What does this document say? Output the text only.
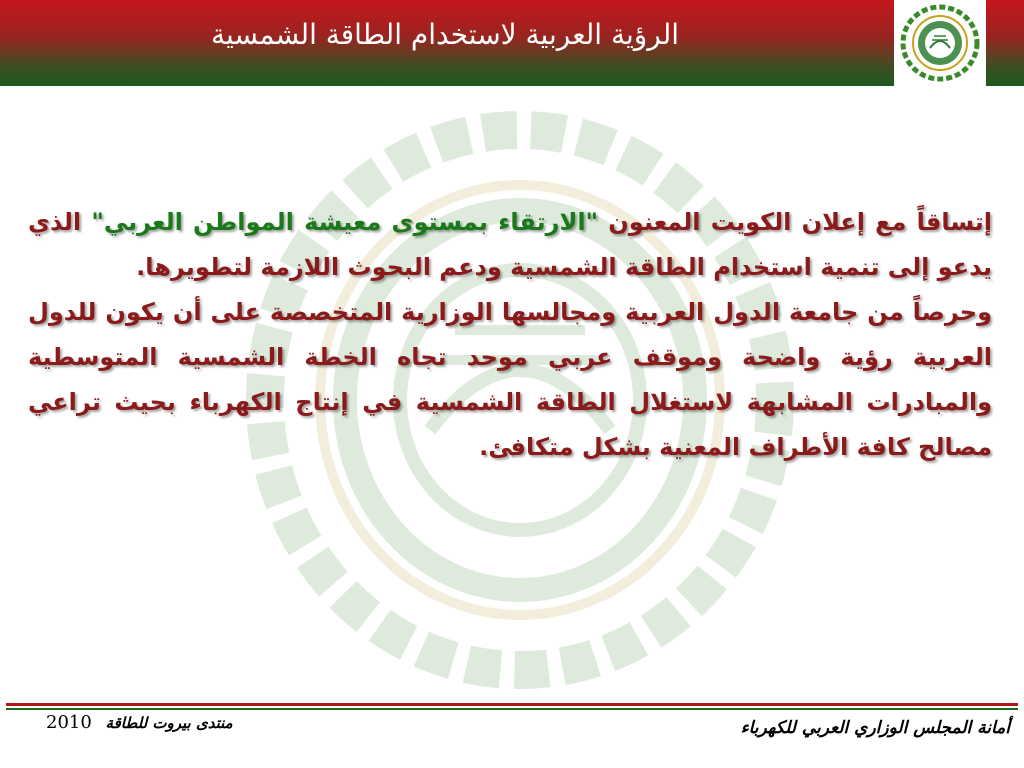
الرؤية العربية لاستخدام الطاقة الشمسية

إتساقاً مع إعلان الكويت المعنون "الارتقاء بمستوى معيشة المواطن العربي" الذي يدعو إلى تنمية استخدام الطاقة الشمسية ودعم البحوث اللازمة لتطويرها.

وحرصاً من جامعة الدول العربية ومجالسها الوزارية المتخصصة على أن يكون للدول العربية رؤية واضحة وموقف عربي موحد تجاه الخطة الشمسية المتوسطية والمبادرات المشابهة لاستغلال الطاقة الشمسية في إنتاج الكهرباء بحيث تراعي مصالح كافة الأطراف المعنية بشكل متكافئ.

2010 منتدى بيروت للطاقة	أمانة المجلس الوزاري العربي للكهرباء
